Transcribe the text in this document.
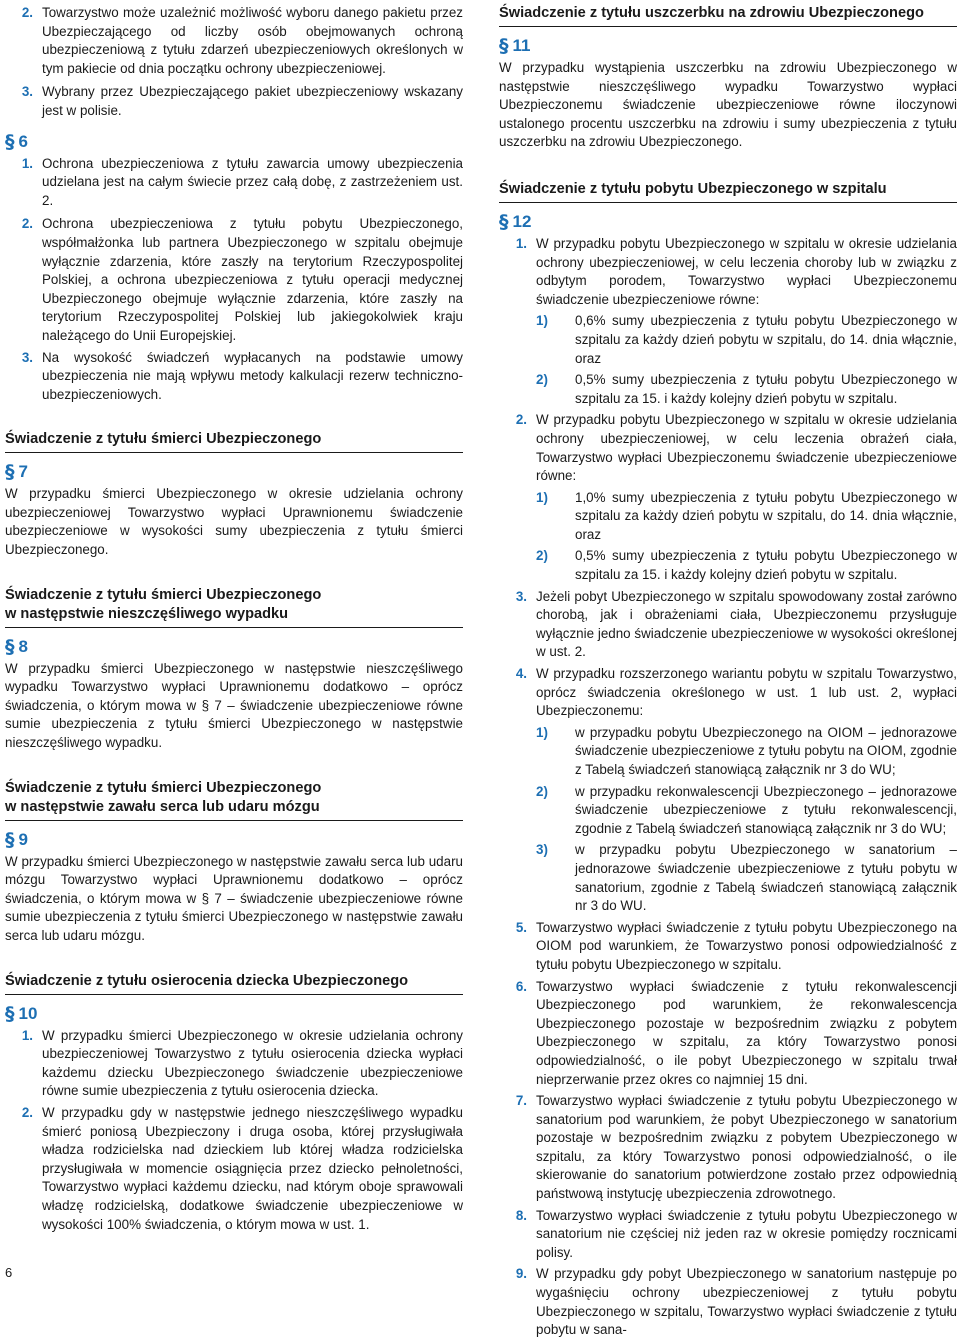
2. Towarzystwo może uzależnić możliwość wyboru danego pakietu przez Ubezpieczającego od liczby osób obejmowanych ochroną ubezpieczeniową z tytułu zdarzeń ubezpieczeniowych określonych w tym pakiecie od dnia początku ochrony ubezpieczeniowej.

3. Wybrany przez Ubezpieczającego pakiet ubezpieczeniowy wskazany jest w polisie.

§ 6
1. Ochrona ubezpieczeniowa z tytułu zawarcia umowy ubezpieczenia udzielana jest na całym świecie przez całą dobę, z zastrzeżeniem ust. 2.

2. Ochrona ubezpieczeniowa z tytułu pobytu Ubezpieczonego, współmałżonka lub partnera Ubezpieczonego w szpitalu obejmuje wyłącznie zdarzenia, które zaszły na terytorium Rzeczypospolitej Polskiej, a ochrona ubezpieczeniowa z tytułu operacji medycznej Ubezpieczonego obejmuje wyłącznie zdarzenia, które zaszły na terytorium Rzeczypospolitej Polskiej lub jakiegokolwiek kraju należącego do Unii Europejskiej.

3. Na wysokość świadczeń wypłacanych na podstawie umowy ubezpieczenia nie mają wpływu metody kalkulacji rezerw techniczno-ubezpieczeniowych.

Świadczenie z tytułu śmierci Ubezpieczonego
§ 7

W przypadku śmierci Ubezpieczonego w okresie udzielania ochrony ubezpieczeniowej Towarzystwo wypłaci Uprawnionemu świadczenie ubezpieczeniowe w wysokości sumy ubezpieczenia z tytułu śmierci Ubezpieczonego.

Świadczenie z tytułu śmierci Ubezpieczonego
w następstwie nieszczęśliwego wypadku
§ 8

W przypadku śmierci Ubezpieczonego w następstwie nieszczęśliwego wypadku Towarzystwo wypłaci Uprawnionemu dodatkowo – oprócz świadczenia, o którym mowa w § 7 – świadczenie ubezpieczeniowe równe sumie ubezpieczenia z tytułu śmierci Ubezpieczonego w następstwie nieszczęśliwego wypadku.

Świadczenie z tytułu śmierci Ubezpieczonego
w następstwie zawału serca lub udaru mózgu
§ 9

W przypadku śmierci Ubezpieczonego w następstwie zawału serca lub udaru mózgu Towarzystwo wypłaci Uprawnionemu dodatkowo – oprócz świadczenia, o którym mowa w § 7 – świadczenie ubezpieczeniowe równe sumie ubezpieczenia z tytułu śmierci Ubezpieczonego w następstwie zawału serca lub udaru mózgu.

Świadczenie z tytułu osierocenia dziecka Ubezpieczonego
§ 10
1. W przypadku śmierci Ubezpieczonego w okresie udzielania ochrony ubezpieczeniowej Towarzystwo z tytułu osierocenia dziecka wypłaci każdemu dziecku Ubezpieczonego świadczenie ubezpieczeniowe równe sumie ubezpieczenia z tytułu osierocenia dziecka.

2. W przypadku gdy w następstwie jednego nieszczęśliwego wypadku śmierć poniosą Ubezpieczony i druga osoba, której przysługiwała władza rodzicielska nad dzieckiem lub której władza rodzicielska przysługiwała w momencie osiągnięcia przez dziecko pełnoletności, Towarzystwo wypłaci każdemu dziecku, nad którym oboje sprawowali władzę rodzicielską, dodatkowe świadczenie ubezpieczeniowe w wysokości 100% świadczenia, o którym mowa w ust. 1.

Świadczenie z tytułu uszczerbku na zdrowiu Ubezpieczonego
§ 11

W przypadku wystąpienia uszczerbku na zdrowiu Ubezpieczonego w następstwie nieszczęśliwego wypadku Towarzystwo wypłaci Ubezpieczonemu świadczenie ubezpieczeniowe równe iloczynowi ustalonego procentu uszczerbku na zdrowiu i sumy ubezpieczenia z tytułu uszczerbku na zdrowiu Ubezpieczonego.

Świadczenie z tytułu pobytu Ubezpieczonego w szpitalu
§ 12
1. W przypadku pobytu Ubezpieczonego w szpitalu w okresie udzielania ochrony ubezpieczeniowej, w celu leczenia choroby lub w związku z odbytym porodem, Towarzystwo wypłaci Ubezpieczonemu świadczenie ubezpieczeniowe równe:

1) 0,6% sumy ubezpieczenia z tytułu pobytu Ubezpieczonego w szpitalu za każdy dzień pobytu w szpitalu, do 14. dnia włącznie, oraz

2) 0,5% sumy ubezpieczenia z tytułu pobytu Ubezpieczonego w szpitalu za 15. i każdy kolejny dzień pobytu w szpitalu.

2. W przypadku pobytu Ubezpieczonego w szpitalu w okresie udzielania ochrony ubezpieczeniowej, w celu leczenia obrażeń ciała, Towarzystwo wypłaci Ubezpieczonemu świadczenie ubezpieczeniowe równe:

1) 1,0% sumy ubezpieczenia z tytułu pobytu Ubezpieczonego w szpitalu za każdy dzień pobytu w szpitalu, do 14. dnia włącznie, oraz

2) 0,5% sumy ubezpieczenia z tytułu pobytu Ubezpieczonego w szpitalu za 15. i każdy kolejny dzień pobytu w szpitalu.

3. Jeżeli pobyt Ubezpieczonego w szpitalu spowodowany został zarówno chorobą, jak i obrażeniami ciała, Ubezpieczonemu przysługuje wyłącznie jedno świadczenie ubezpieczeniowe w wysokości określonej w ust. 2.

4. W przypadku rozszerzonego wariantu pobytu w szpitalu Towarzystwo, oprócz świadczenia określonego w ust. 1 lub ust. 2, wypłaci Ubezpieczonemu:

1) w przypadku pobytu Ubezpieczonego na OIOM – jednorazowe świadczenie ubezpieczeniowe z tytułu pobytu na OIOM, zgodnie z Tabelą świadczeń stanowiącą załącznik nr 3 do WU;

2) w przypadku rekonwalescencji Ubezpieczonego – jednorazowe świadczenie ubezpieczeniowe z tytułu rekonwalescencji, zgodnie z Tabelą świadczeń stanowiącą załącznik nr 3 do WU;

3) w przypadku pobytu Ubezpieczonego w sanatorium – jednorazowe świadczenie ubezpieczeniowe z tytułu pobytu w sanatorium, zgodnie z Tabelą świadczeń stanowiącą załącznik nr 3 do WU.

5. Towarzystwo wypłaci świadczenie z tytułu pobytu Ubezpieczonego na OIOM pod warunkiem, że Towarzystwo ponosi odpowiedzialność z tytułu pobytu Ubezpieczonego w szpitalu.

6. Towarzystwo wypłaci świadczenie z tytułu rekonwalescencji Ubezpieczonego pod warunkiem, że rekonwalescencja Ubezpieczonego pozostaje w bezpośrednim związku z pobytem Ubezpieczonego w szpitalu, za który Towarzystwo ponosi odpowiedzialność, o ile pobyt Ubezpieczonego w szpitalu trwał nieprzerwanie przez okres co najmniej 15 dni.

7. Towarzystwo wypłaci świadczenie z tytułu pobytu Ubezpieczonego w sanatorium pod warunkiem, że pobyt Ubezpieczonego w sanatorium pozostaje w bezpośrednim związku z pobytem Ubezpieczonego w szpitalu, za który Towarzystwo ponosi odpowiedzialność, o ile skierowanie do sanatorium potwierdzone zostało przez odpowiednią państwową instytucję ubezpieczenia zdrowotnego.

8. Towarzystwo wypłaci świadczenie z tytułu pobytu Ubezpieczonego w sanatorium nie częściej niż jeden raz w okresie pomiędzy rocznicami polisy.

9. W przypadku gdy pobyt Ubezpieczonego w sanatorium następuje po wygaśnięciu ochrony ubezpieczeniowej z tytułu pobytu Ubezpieczonego w szpitalu, Towarzystwo wypłaci świadczenie z tytułu pobytu w sana-

6
